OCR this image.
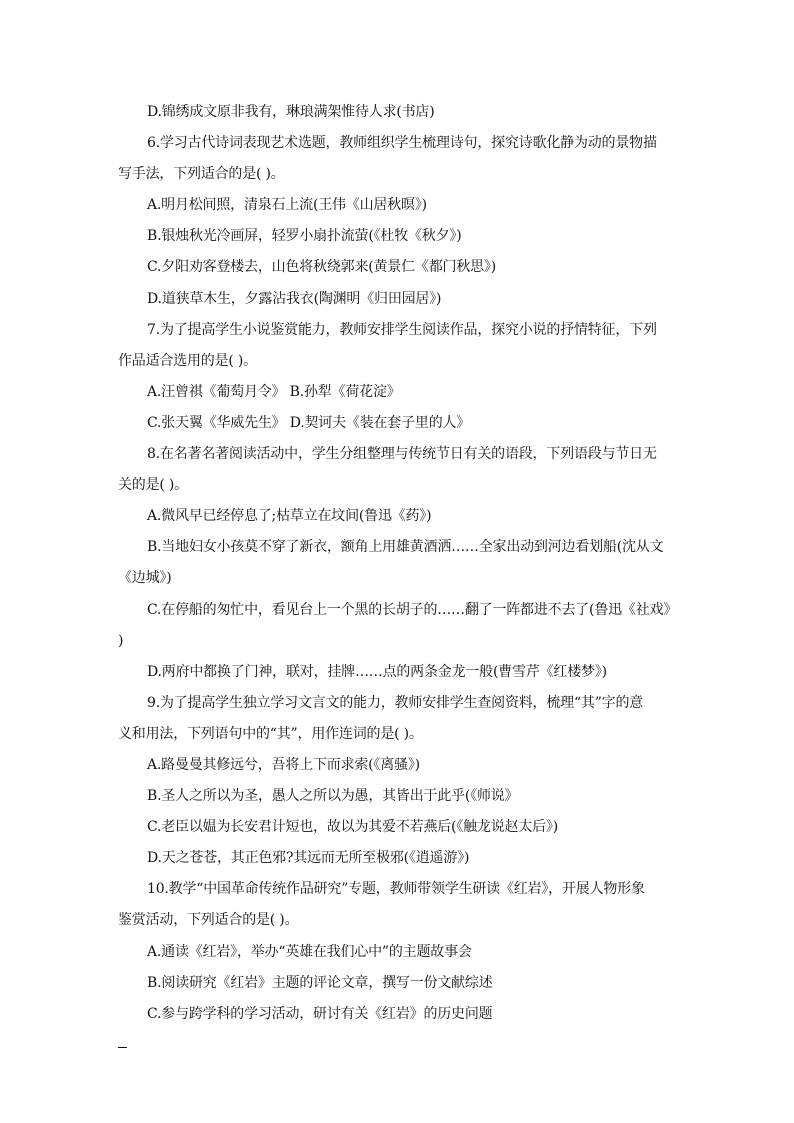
D.锦绣成文原非我有，琳琅满架惟待人求(书店)
6.学习古代诗词表现艺术选题，教师组织学生梳理诗句，探究诗歌化静为动的景物描
写手法，下列适合的是( )。
A.明月松间照，清泉石上流(王伟《山居秋暝》)
B.银烛秋光冷画屏，轻罗小扇扑流萤(《杜牧《秋夕》)
C.夕阳劝客登楼去，山色将秋绕郭来(黄景仁《都门秋思》)
D.道狭草木生，夕露沾我衣(陶渊明《归田园居》)
7.为了提高学生小说鉴赏能力，教师安排学生阅读作品，探究小说的抒情特征，下列
作品适合选用的是( )。
A.汪曾祺《葡萄月令》 B.孙犁《荷花淀》
C.张天翼《华威先生》 D.契诃夫《装在套子里的人》
8.在名著名著阅读活动中，学生分组整理与传统节日有关的语段，下列语段与节日无
关的是( )。
A.微风早已经停息了;枯草立在坟间(鲁迅《药》)
B.当地妇女小孩莫不穿了新衣，额角上用雄黄酒洒……全家出动到河边看划船(沈从文
《边城》)
C.在停船的匆忙中，看见台上一个黑的长胡子的……翻了一阵都进不去了(鲁迅《社戏》
)
D.两府中都换了门神，联对，挂牌……点的两条金龙一般(曹雪芹《红楼梦》)
9.为了提高学生独立学习文言文的能力，教师安排学生查阅资料，梳理“其”字的意
义和用法，下列语句中的“其”，用作连词的是( )。
A.路曼曼其修远兮，吾将上下而求索(《离骚》)
B.圣人之所以为圣，愚人之所以为愚，其皆出于此乎(《师说》
C.老臣以媪为长安君计短也，故以为其爱不若燕后(《触龙说赵太后》)
D.天之苍苍，其正色邪?其远而无所至极邪(《逍遥游》)
10.教学“中国革命传统作品研究”专题，教师带领学生研读《红岩》，开展人物形象
鉴赏活动，下列适合的是( )。
A.通读《红岩》，举办“英雄在我们心中”的主题故事会
B.阅读研究《红岩》主题的评论文章，撰写一份文献综述
C.参与跨学科的学习活动，研讨有关《红岩》的历史问题
